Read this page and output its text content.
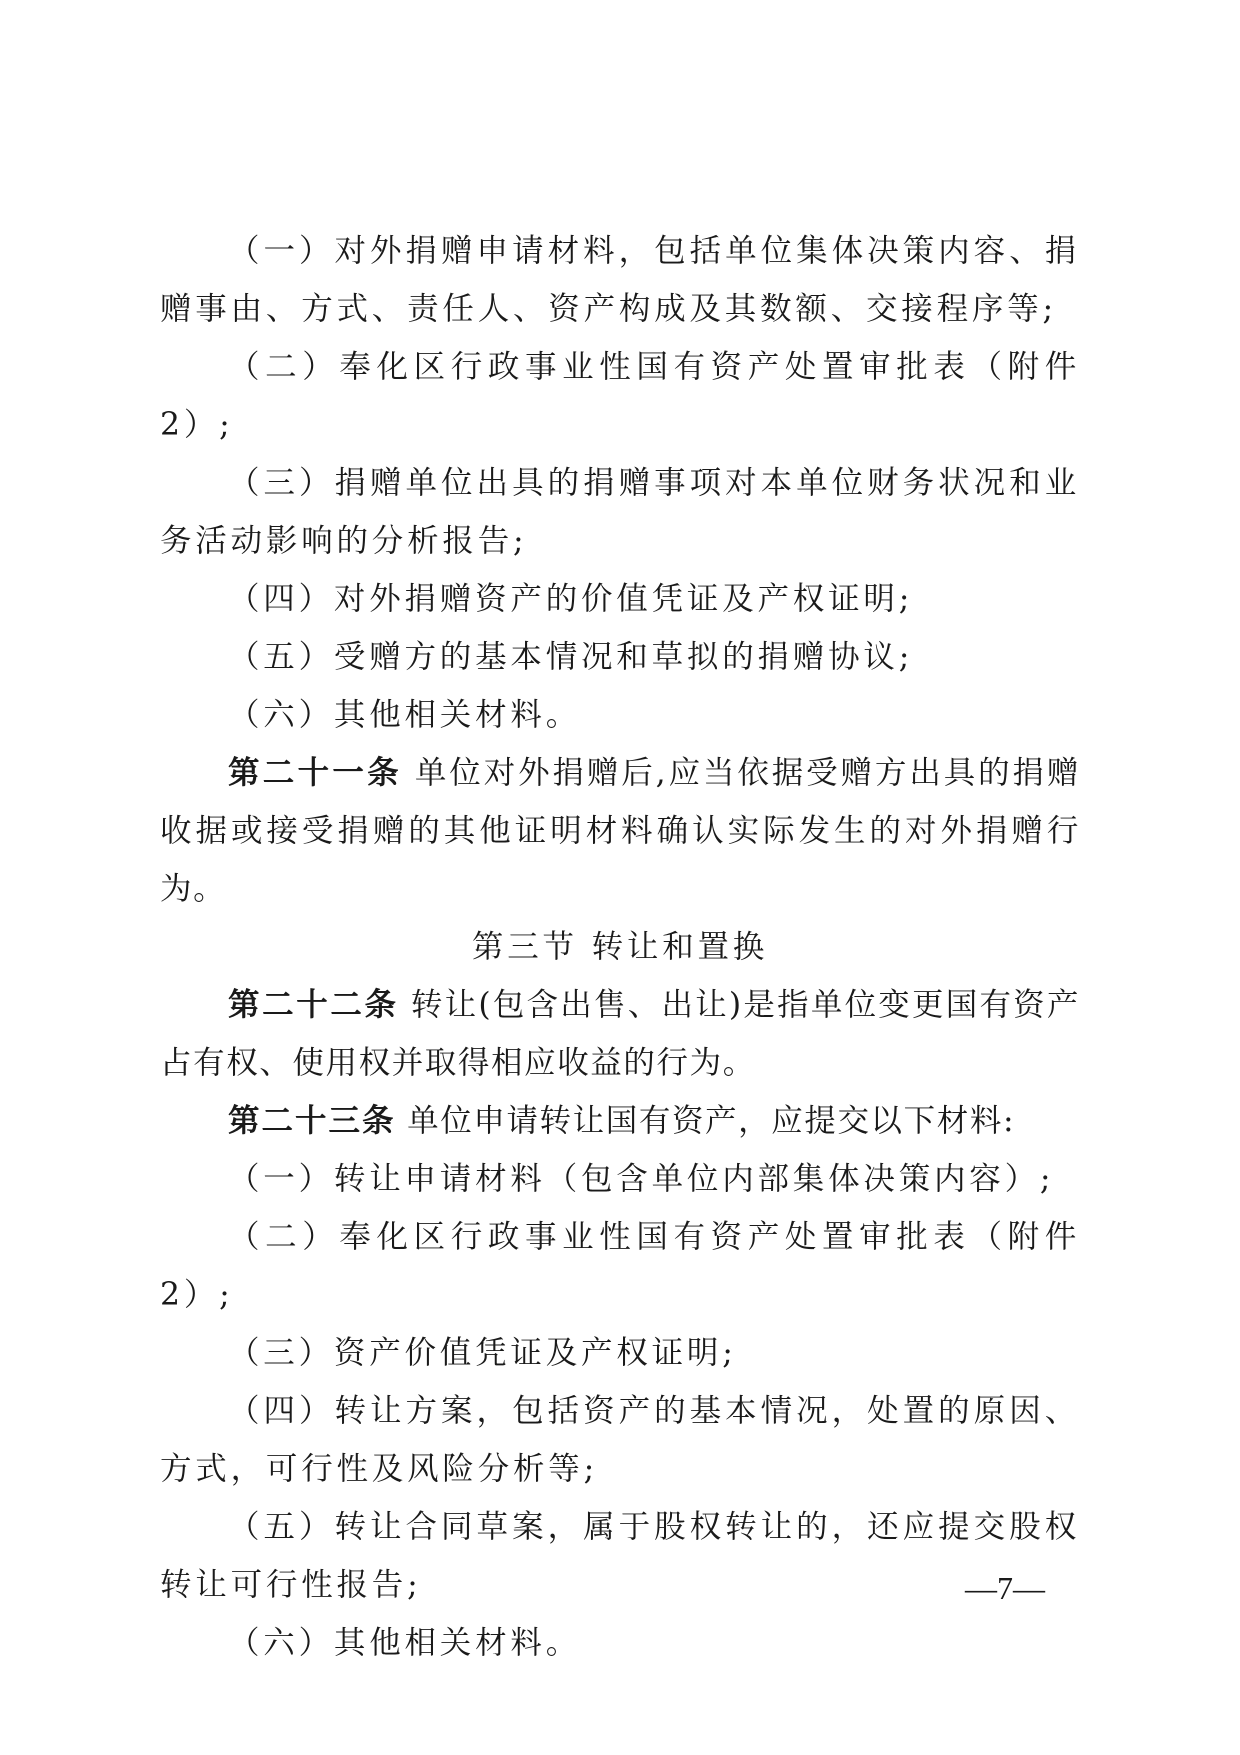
（一）对外捐赠申请材料，包括单位集体决策内容、捐赠事由、方式、责任人、资产构成及其数额、交接程序等;

（二）奉化区行政事业性国有资产处置审批表（附件 2）;

（三）捐赠单位出具的捐赠事项对本单位财务状况和业务活动影响的分析报告;

（四）对外捐赠资产的价值凭证及产权证明;

（五）受赠方的基本情况和草拟的捐赠协议;

（六）其他相关材料。

第二十一条 单位对外捐赠后,应当依据受赠方出具的捐赠收据或接受捐赠的其他证明材料确认实际发生的对外捐赠行为。

第三节 转让和置换

第二十二条 转让(包含出售、出让)是指单位变更国有资产占有权、使用权并取得相应收益的行为。

第二十三条 单位申请转让国有资产，应提交以下材料:

（一）转让申请材料（包含单位内部集体决策内容）;

（二）奉化区行政事业性国有资产处置审批表（附件 2）;

（三）资产价值凭证及产权证明;

（四）转让方案，包括资产的基本情况，处置的原因、方式，可行性及风险分析等;

（五）转让合同草案，属于股权转让的，还应提交股权转让可行性报告;

（六）其他相关材料。

—7—
